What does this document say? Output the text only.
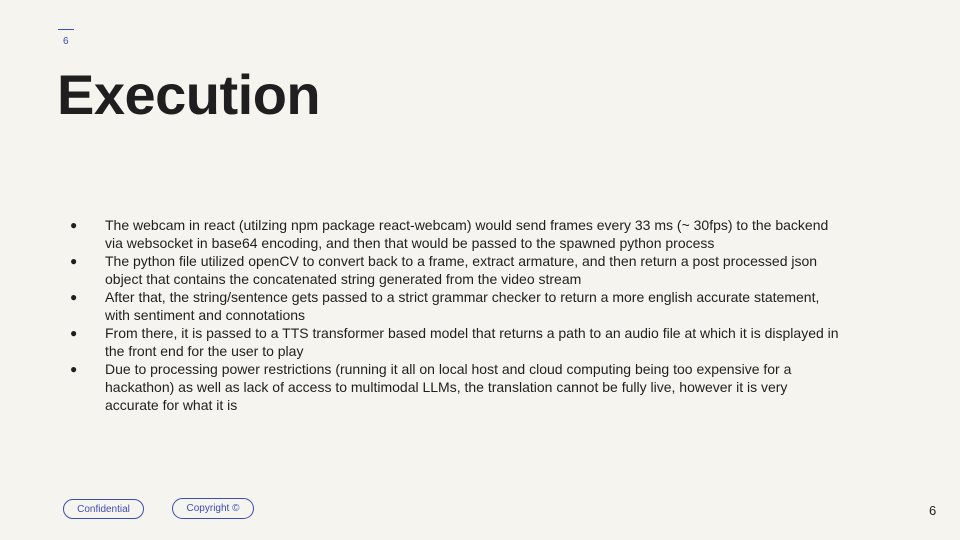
6
Execution
● The webcam in react (utilzing npm package react-webcam) would send frames every 33 ms (~ 30fps) to the backend via websocket in base64 encoding, and then that would be passed to the spawned python process
● The python file utilized openCV to convert back to a frame, extract armature, and then return a post processed json object that contains the concatenated string generated from the video stream
● After that, the string/sentence gets passed to a strict grammar checker to return a more english accurate statement, with sentiment and connotations
● From there, it is passed to a TTS transformer based model that returns a path to an audio file at which it is displayed in the front end for the user to play
● Due to processing power restrictions (running it all on local host and cloud computing being too expensive for a hackathon) as well as lack of access to multimodal LLMs, the translation cannot be fully live, however it is very accurate for what it is
Confidential	Copyright ©	6
